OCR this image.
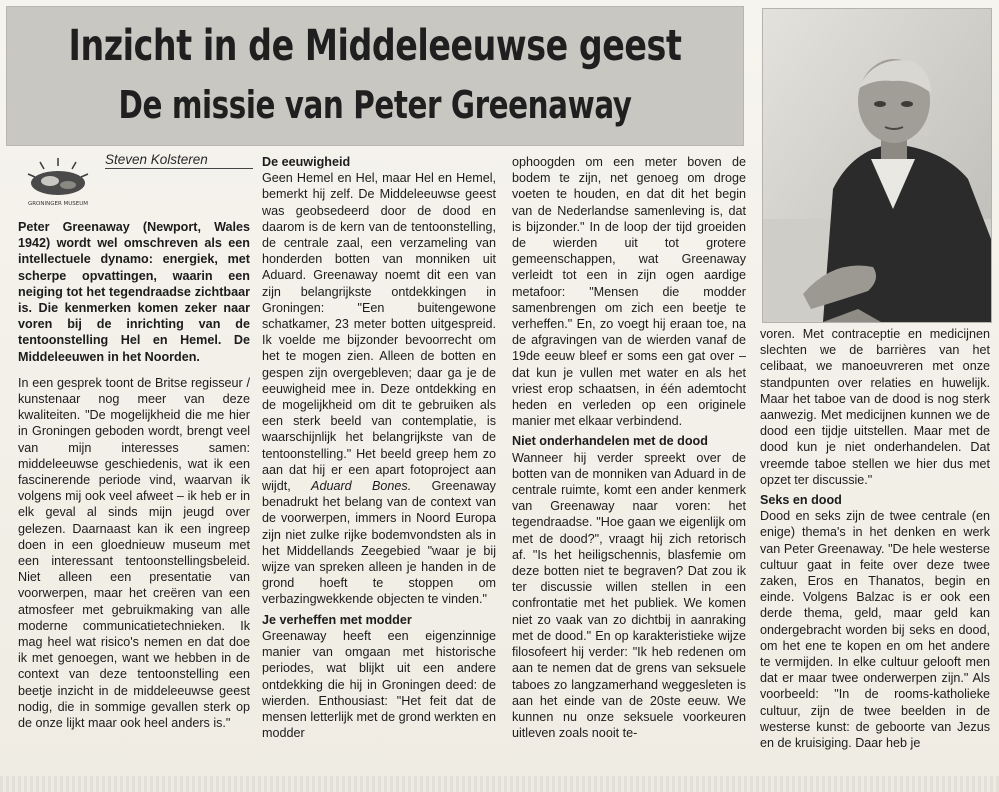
Inzicht in de Middeleeuwse geest
De missie van Peter Greenaway
GRONINGER MUSEUM
Steven Kolsteren

Peter Greenaway (Newport, Wales 1942) wordt wel omschreven als een intellectuele dynamo: energiek, met scherpe opvattingen, waarin een neiging tot het tegendraadse zichtbaar is. Die kenmerken komen zeker naar voren bij de inrichting van de tentoonstelling Hel en Hemel. De Middeleeuwen in het Noorden.

In een gesprek toont de Britse regisseur / kunstenaar nog meer van deze kwaliteiten. "De mogelijkheid die me hier in Groningen geboden wordt, brengt veel van mijn interesses samen: middeleeuwse geschiedenis, wat ik een fascinerende periode vind, waarvan ik volgens mij ook veel afweet – ik heb er in elk geval al sinds mijn jeugd over gelezen. Daarnaast kan ik een ingreep doen in een gloednieuw museum met een interessant tentoonstellingsbeleid. Niet alleen een presentatie van voorwerpen, maar het creëren van een atmosfeer met gebruikmaking van alle moderne communicatietechnieken. Ik mag heel wat risico's nemen en dat doe ik met genoegen, want we hebben in de context van deze tentoonstelling een beetje inzicht in de middeleeuwse geest nodig, die in sommige gevallen sterk op de onze lijkt maar ook heel anders is."

De eeuwigheid

Geen Hemel en Hel, maar Hel en Hemel, bemerkt hij zelf. De Middeleeuwse geest was geobsedeerd door de dood en daarom is de kern van de tentoonstelling, de centrale zaal, een verzameling van honderden botten van monniken uit Aduard. Greenaway noemt dit een van zijn belangrijkste ontdekkingen in Groningen: "Een buitengewone schatkamer, 23 meter botten uitgespreid. Ik voelde me bijzonder bevoorrecht om het te mogen zien. Alleen de botten en gespen zijn overgebleven; daar ga je de eeuwigheid mee in. Deze ontdekking en de mogelijkheid om dit te gebruiken als een sterk beeld van contemplatie, is waarschijnlijk het belangrijkste van de tentoonstelling." Het beeld greep hem zo aan dat hij er een apart fotoproject aan wijdt, Aduard Bones. Greenaway benadrukt het belang van de context van de voorwerpen, immers in Noord Europa zijn niet zulke rijke bodemvondsten als in het Middellands Zeegebied "waar je bij wijze van spreken alleen je handen in de grond hoeft te stoppen om verbazingwekkende objecten te vinden."

Je verheffen met modder

Greenaway heeft een eigenzinnige manier van omgaan met historische periodes, wat blijkt uit een andere ontdekking die hij in Groningen deed: de wierden. Enthousiast: "Het feit dat de mensen letterlijk met de grond werkten en modder

ophoogden om een meter boven de bodem te zijn, net genoeg om droge voeten te houden, en dat dit het begin van de Nederlandse samenleving is, dat is bijzonder." In de loop der tijd groeiden de wierden uit tot grotere gemeenschappen, wat Greenaway verleidt tot een in zijn ogen aardige metafoor: "Mensen die modder samenbrengen om zich een beetje te verheffen." En, zo voegt hij eraan toe, na de afgravingen van de wierden vanaf de 19de eeuw bleef er soms een gat over – dat kun je vullen met water en als het vriest erop schaatsen, in één ademtocht heden en verleden op een originele manier met elkaar verbindend.

Niet onderhandelen met de dood

Wanneer hij verder spreekt over de botten van de monniken van Aduard in de centrale ruimte, komt een ander kenmerk van Greenaway naar voren: het tegendraadse. "Hoe gaan we eigenlijk om met de dood?", vraagt hij zich retorisch af. "Is het heiligschennis, blasfemie om deze botten niet te begraven? Dat zou ik ter discussie willen stellen in een confrontatie met het publiek. We komen niet zo vaak van zo dichtbij in aanraking met de dood." En op karakteristieke wijze filosofeert hij verder: "Ik heb redenen om aan te nemen dat de grens van seksuele taboes zo langzamerhand weggesleten is aan het einde van de 20ste eeuw. We kunnen nu onze seksuele voorkeuren uitleven zoals nooit te-

voren. Met contraceptie en medicijnen slechten we de barrières van het celibaat, we manoeuvreren met onze standpunten over relaties en huwelijk. Maar het taboe van de dood is nog sterk aanwezig. Met medicijnen kunnen we de dood een tijdje uitstellen. Maar met de dood kun je niet onderhandelen. Dat vreemde taboe stellen we hier dus met opzet ter discussie."

Seks en dood

Dood en seks zijn de twee centrale (en enige) thema's in het denken en werk van Peter Greenaway. "De hele westerse cultuur gaat in feite over deze twee zaken, Eros en Thanatos, begin en einde. Volgens Balzac is er ook een derde thema, geld, maar geld kan ondergebracht worden bij seks en dood, om het ene te kopen en om het andere te vermijden. In elke cultuur gelooft men dat er maar twee onderwerpen zijn." Als voorbeeld: "In de rooms-katholieke cultuur, zijn de twee beelden in de westerse kunst: de geboorte van Jezus en de kruisiging. Daar heb je
